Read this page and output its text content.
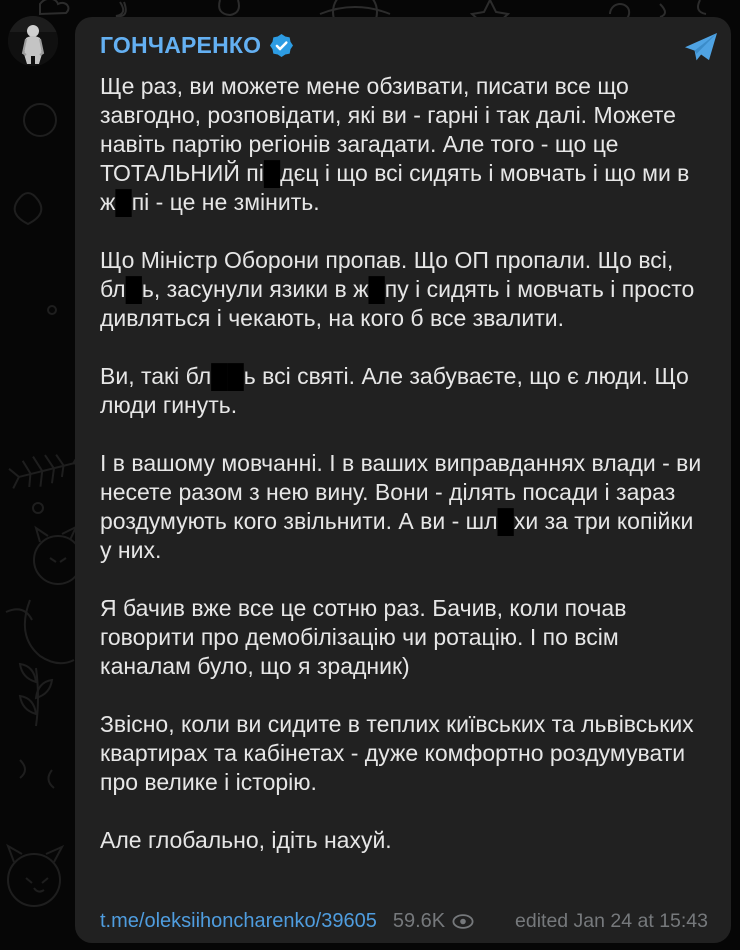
ГОНЧАРЕНКО

Ще раз, ви можете мене обзивати, писати все що завгодно, розповідати, які ви - гарні і так далі. Можете навіть партію регіонів загадати. Але того - що це ТОТАЛЬНИЙ пі█дєц і що всі сидять і мовчать і що ми в ж█пі - це не змінить.

Що Міністр Оборони пропав. Що ОП пропали. Що всі, бл█ь, засунули язики в ж█пу і сидять і мовчать і просто дивляться і чекають, на кого б все звалити.

Ви, такі бл██ь всі святі. Але забуваєте, що є люди. Що люди гинуть.

І в вашому мовчанні. І в ваших виправданнях влади - ви несете разом з нею вину. Вони - ділять посади і зараз роздумують кого звільнити. А ви - шл█хи за три копійки у них.

Я бачив вже все це сотню раз. Бачив, коли почав говорити про демобілізацію чи ротацію. І по всім каналам було, що я зрадник)

Звісно, коли ви сидите в теплих київських та львівських квартирах та кабінетах - дуже комфортно роздумувати про велике і історію.

Але глобально, ідіть нахуй.

t.me/oleksiihoncharenko/39605 59.6K	edited Jan 24 at 15:43
